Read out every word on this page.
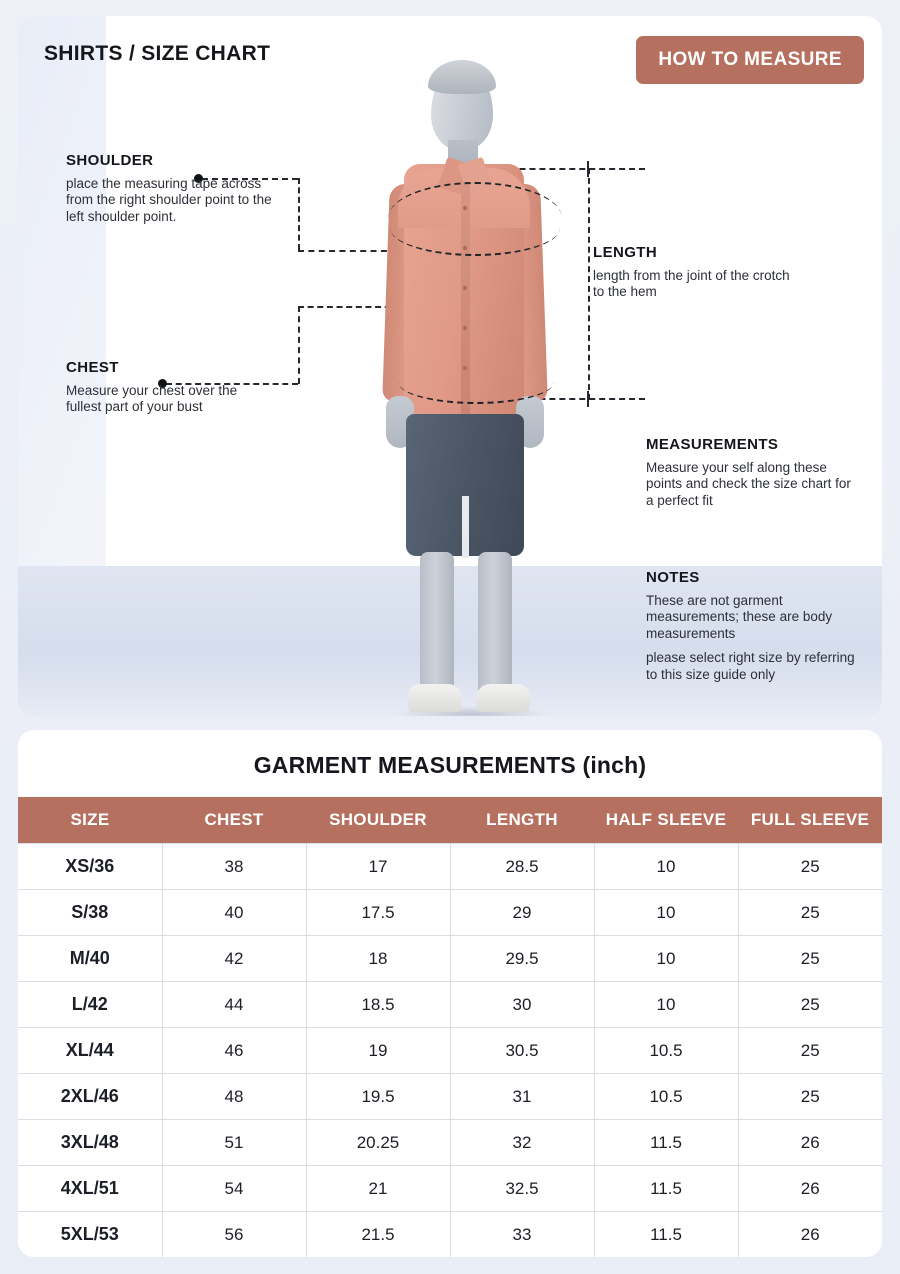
SHIRTS / SIZE CHART	HOW TO MEASURE
SHOULDER
place the measuring tape across from the right shoulder point to the left shoulder point.
CHEST
Measure your chest over the fullest part of your bust
LENGTH
length from the joint of the crotch to the hem
MEASUREMENTS
Measure your self along these points and check the size chart for a perfect fit
NOTES
These are not garment measurements; these are body measurements
please select right size by referring to this size guide only
GARMENT MEASUREMENTS (inch)
SIZE	CHEST	SHOULDER	LENGTH	HALF SLEEVE	FULL SLEEVE
XS/36	38	17	28.5	10	25
S/38	40	17.5	29	10	25
M/40	42	18	29.5	10	25
L/42	44	18.5	30	10	25
XL/44	46	19	30.5	10.5	25
2XL/46	48	19.5	31	10.5	25
3XL/48	51	20.25	32	11.5	26
4XL/51	54	21	32.5	11.5	26
5XL/53	56	21.5	33	11.5	26
